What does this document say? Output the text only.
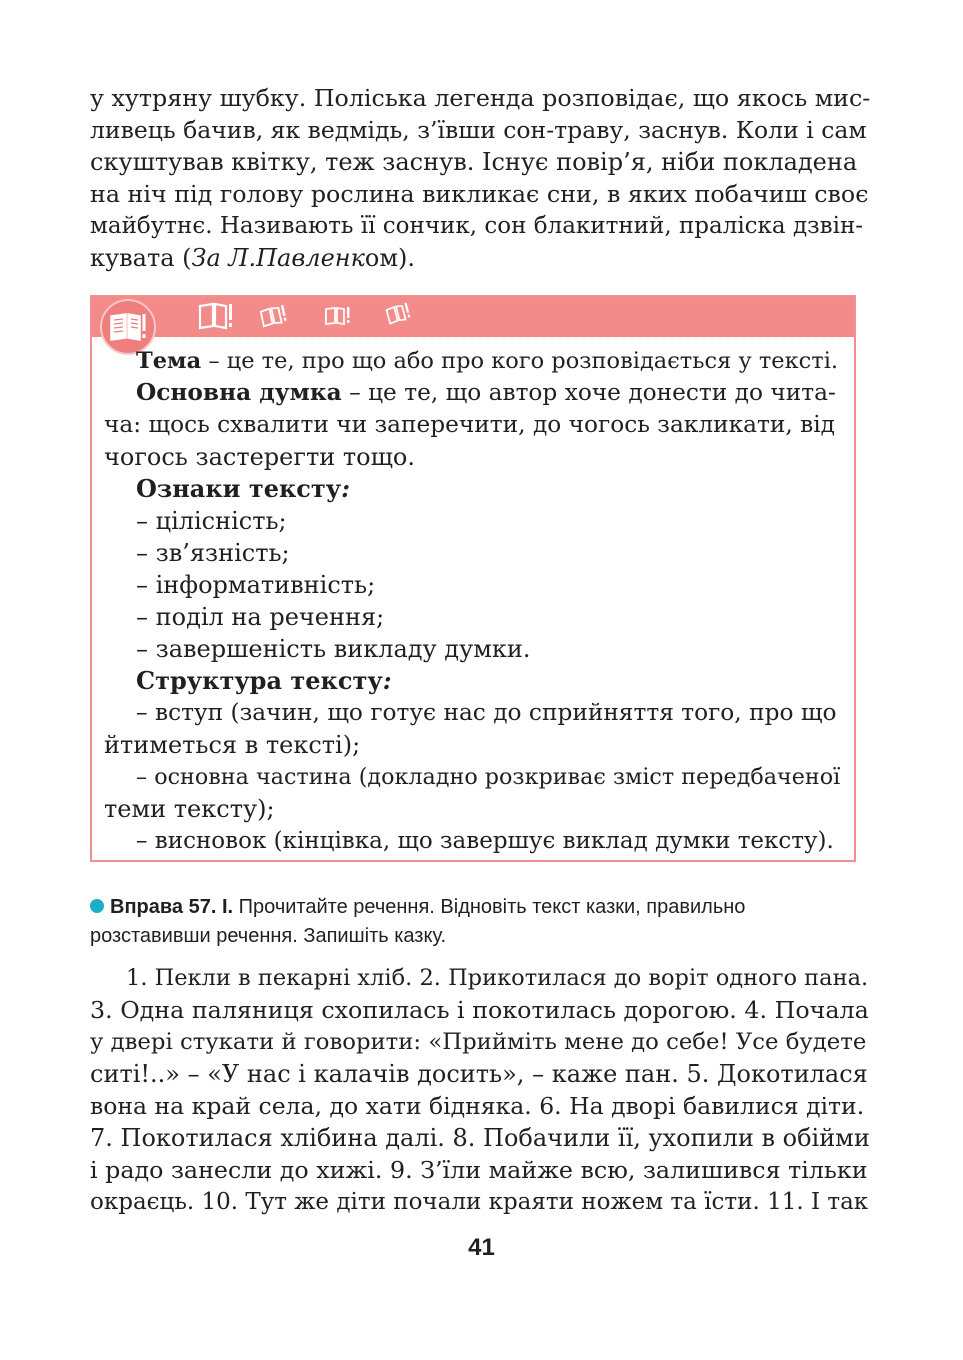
у хутряну шубку. Поліська легенда розповідає, що якось мис-
ливець бачив, як ведмідь, з’ївши сон-траву, заснув. Коли і сам
скуштував квітку, теж заснув. Існує повір’я, ніби покладена
на ніч під голову рослина викликає сни, в яких побачиш своє
майбутнє. Називають її сончик, сон блакитний, праліска дзвін-
кувата (За Л.Павленком).
Тема – це те, про що або про кого розповідається у тексті.
Основна думка – це те, що автор хоче донести до чита-
ча: щось схвалити чи заперечити, до чогось закликати, від
чогось застерегти тощо.
Ознаки тексту:
– цілісність;
– зв’язність;
– інформативність;
– поділ на речення;
– завершеність викладу думки.
Структура тексту:
– вступ (зачин, що готує нас до сприйняття того, про що
йтиметься в тексті);
– основна частина (докладно розкриває зміст передбаченої
теми тексту);
– висновок (кінцівка, що завершує виклад думки тексту).
Вправа 57. І. Прочитайте речення. Відновіть текст казки, правильно розставивши речення. Запишіть казку.
1. Пекли в пекарні хліб. 2. Прикотилася до воріт одного пана.
3. Одна паляниця схопилась і покотилась дорогою. 4. Почала
у двері стукати й говорити: «Прийміть мене до себе! Усе будете
ситі!..» – «У нас і калачів досить», – каже пан. 5. Докотилася
вона на край села, до хати бідняка. 6. На дворі бавилися діти.
7. Покотилася хлібина далі. 8. Побачили її, ухопили в обійми
і радо занесли до хижі. 9. З’їли майже всю, залишився тільки
окраєць. 10. Тут же діти почали краяти ножем та їсти. 11. І так
41
